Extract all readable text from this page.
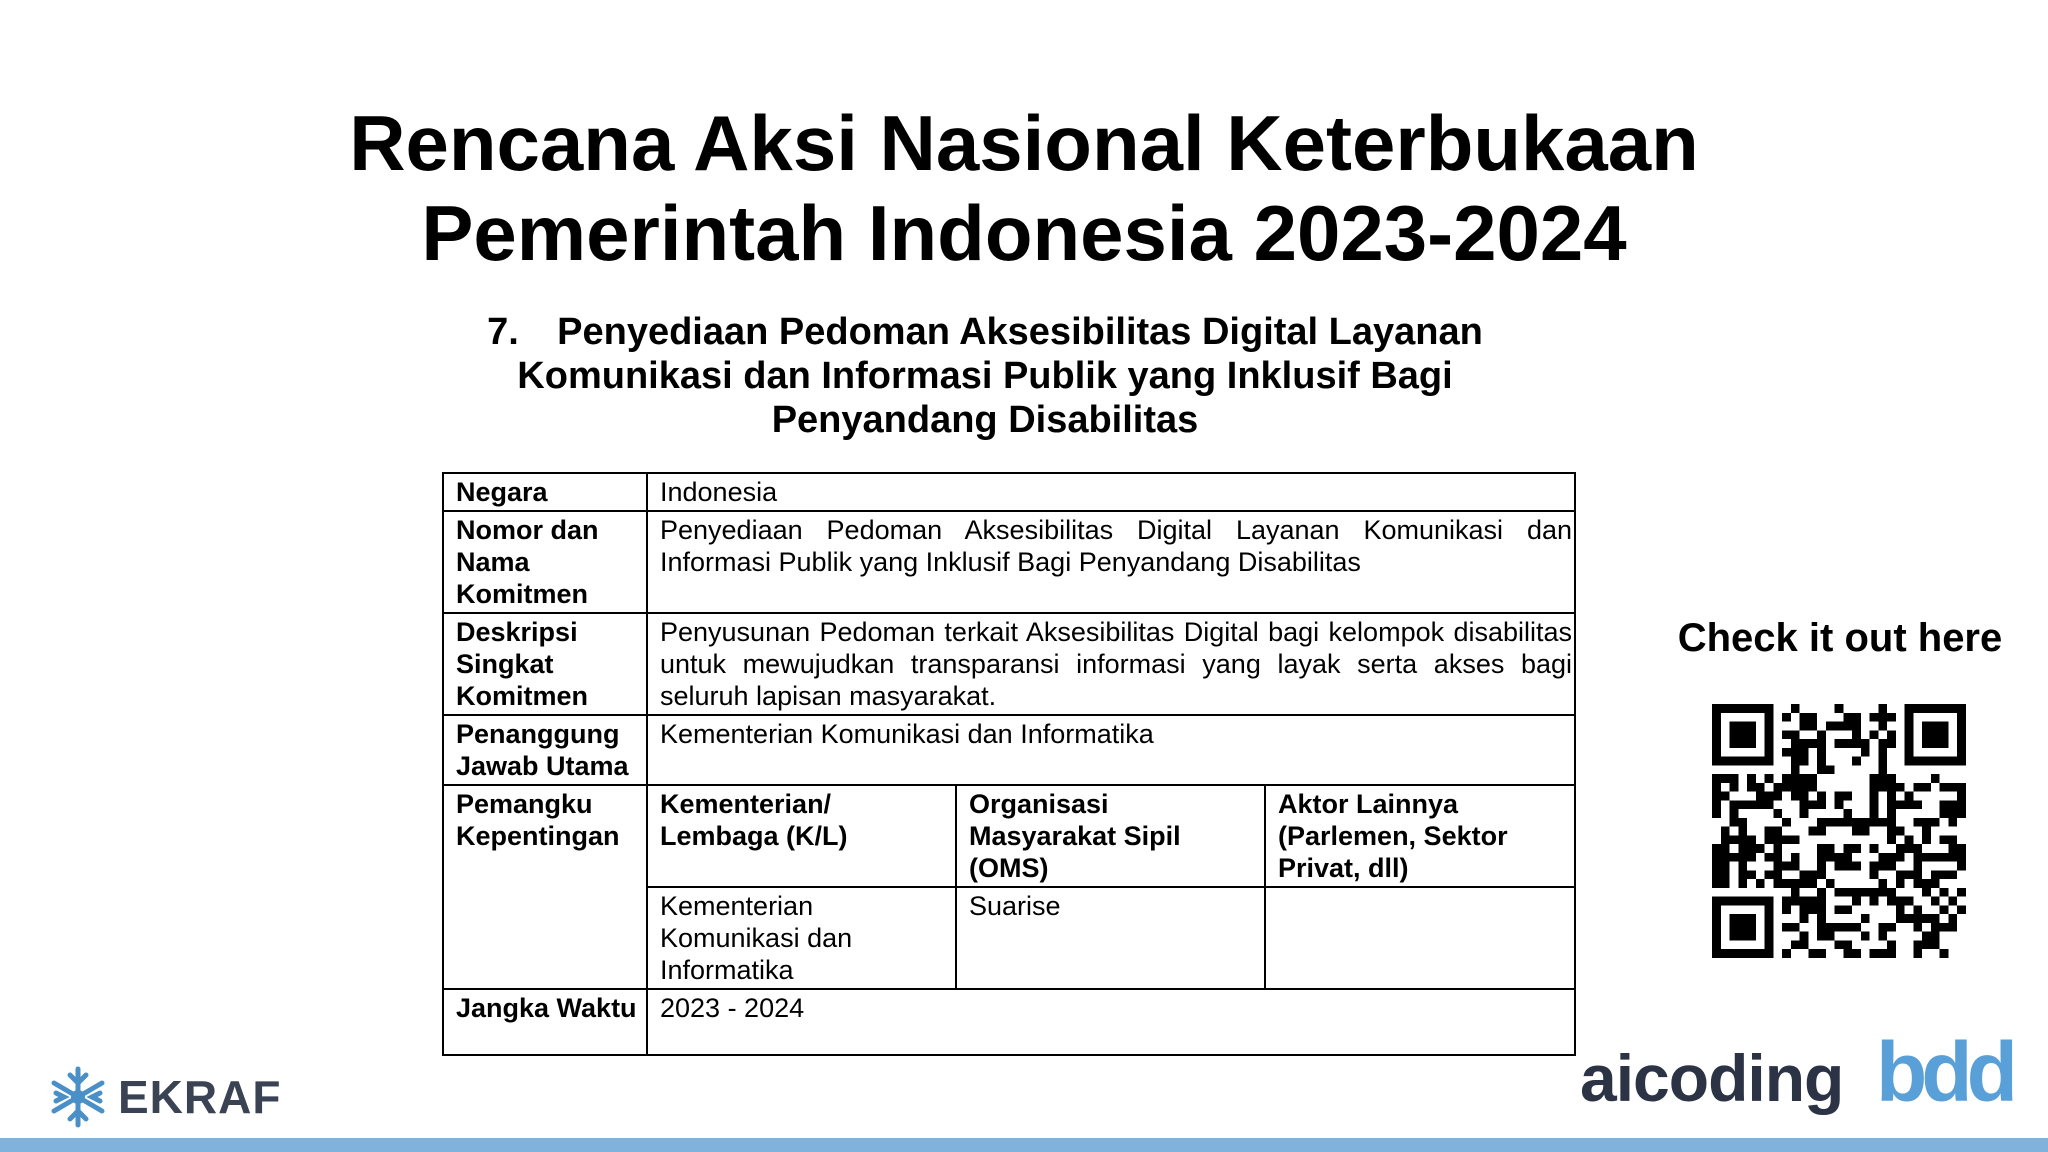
Rencana Aksi Nasional Keterbukaan
Pemerintah Indonesia 2023-2024
7. Penyediaan Pedoman Aksesibilitas Digital Layanan
Komunikasi dan Informasi Publik yang Inklusif Bagi
Penyandang Disabilitas
Negara	Indonesia		
Nomor dan Nama Komitmen	Penyediaan Pedoman Aksesibilitas Digital Layanan Komunikasi dan Informasi Publik yang Inklusif Bagi Penyandang Disabilitas		
Deskripsi Singkat Komitmen	Penyusunan Pedoman terkait Aksesibilitas Digital bagi kelompok disabilitas untuk mewujudkan transparansi informasi yang layak serta akses bagi seluruh lapisan masyarakat.		
Penanggung Jawab Utama	Kementerian Komunikasi dan Informatika		
Pemangku Kepentingan	Kementerian/ Lembaga (K/L)	Organisasi Masyarakat Sipil (OMS)	Aktor Lainnya (Parlemen, Sektor Privat, dll)
	Kementerian Komunikasi dan Informatika	Suarise	
Jangka Waktu	2023 - 2024		
Check it out here
EKRAF	aicoding bdd
